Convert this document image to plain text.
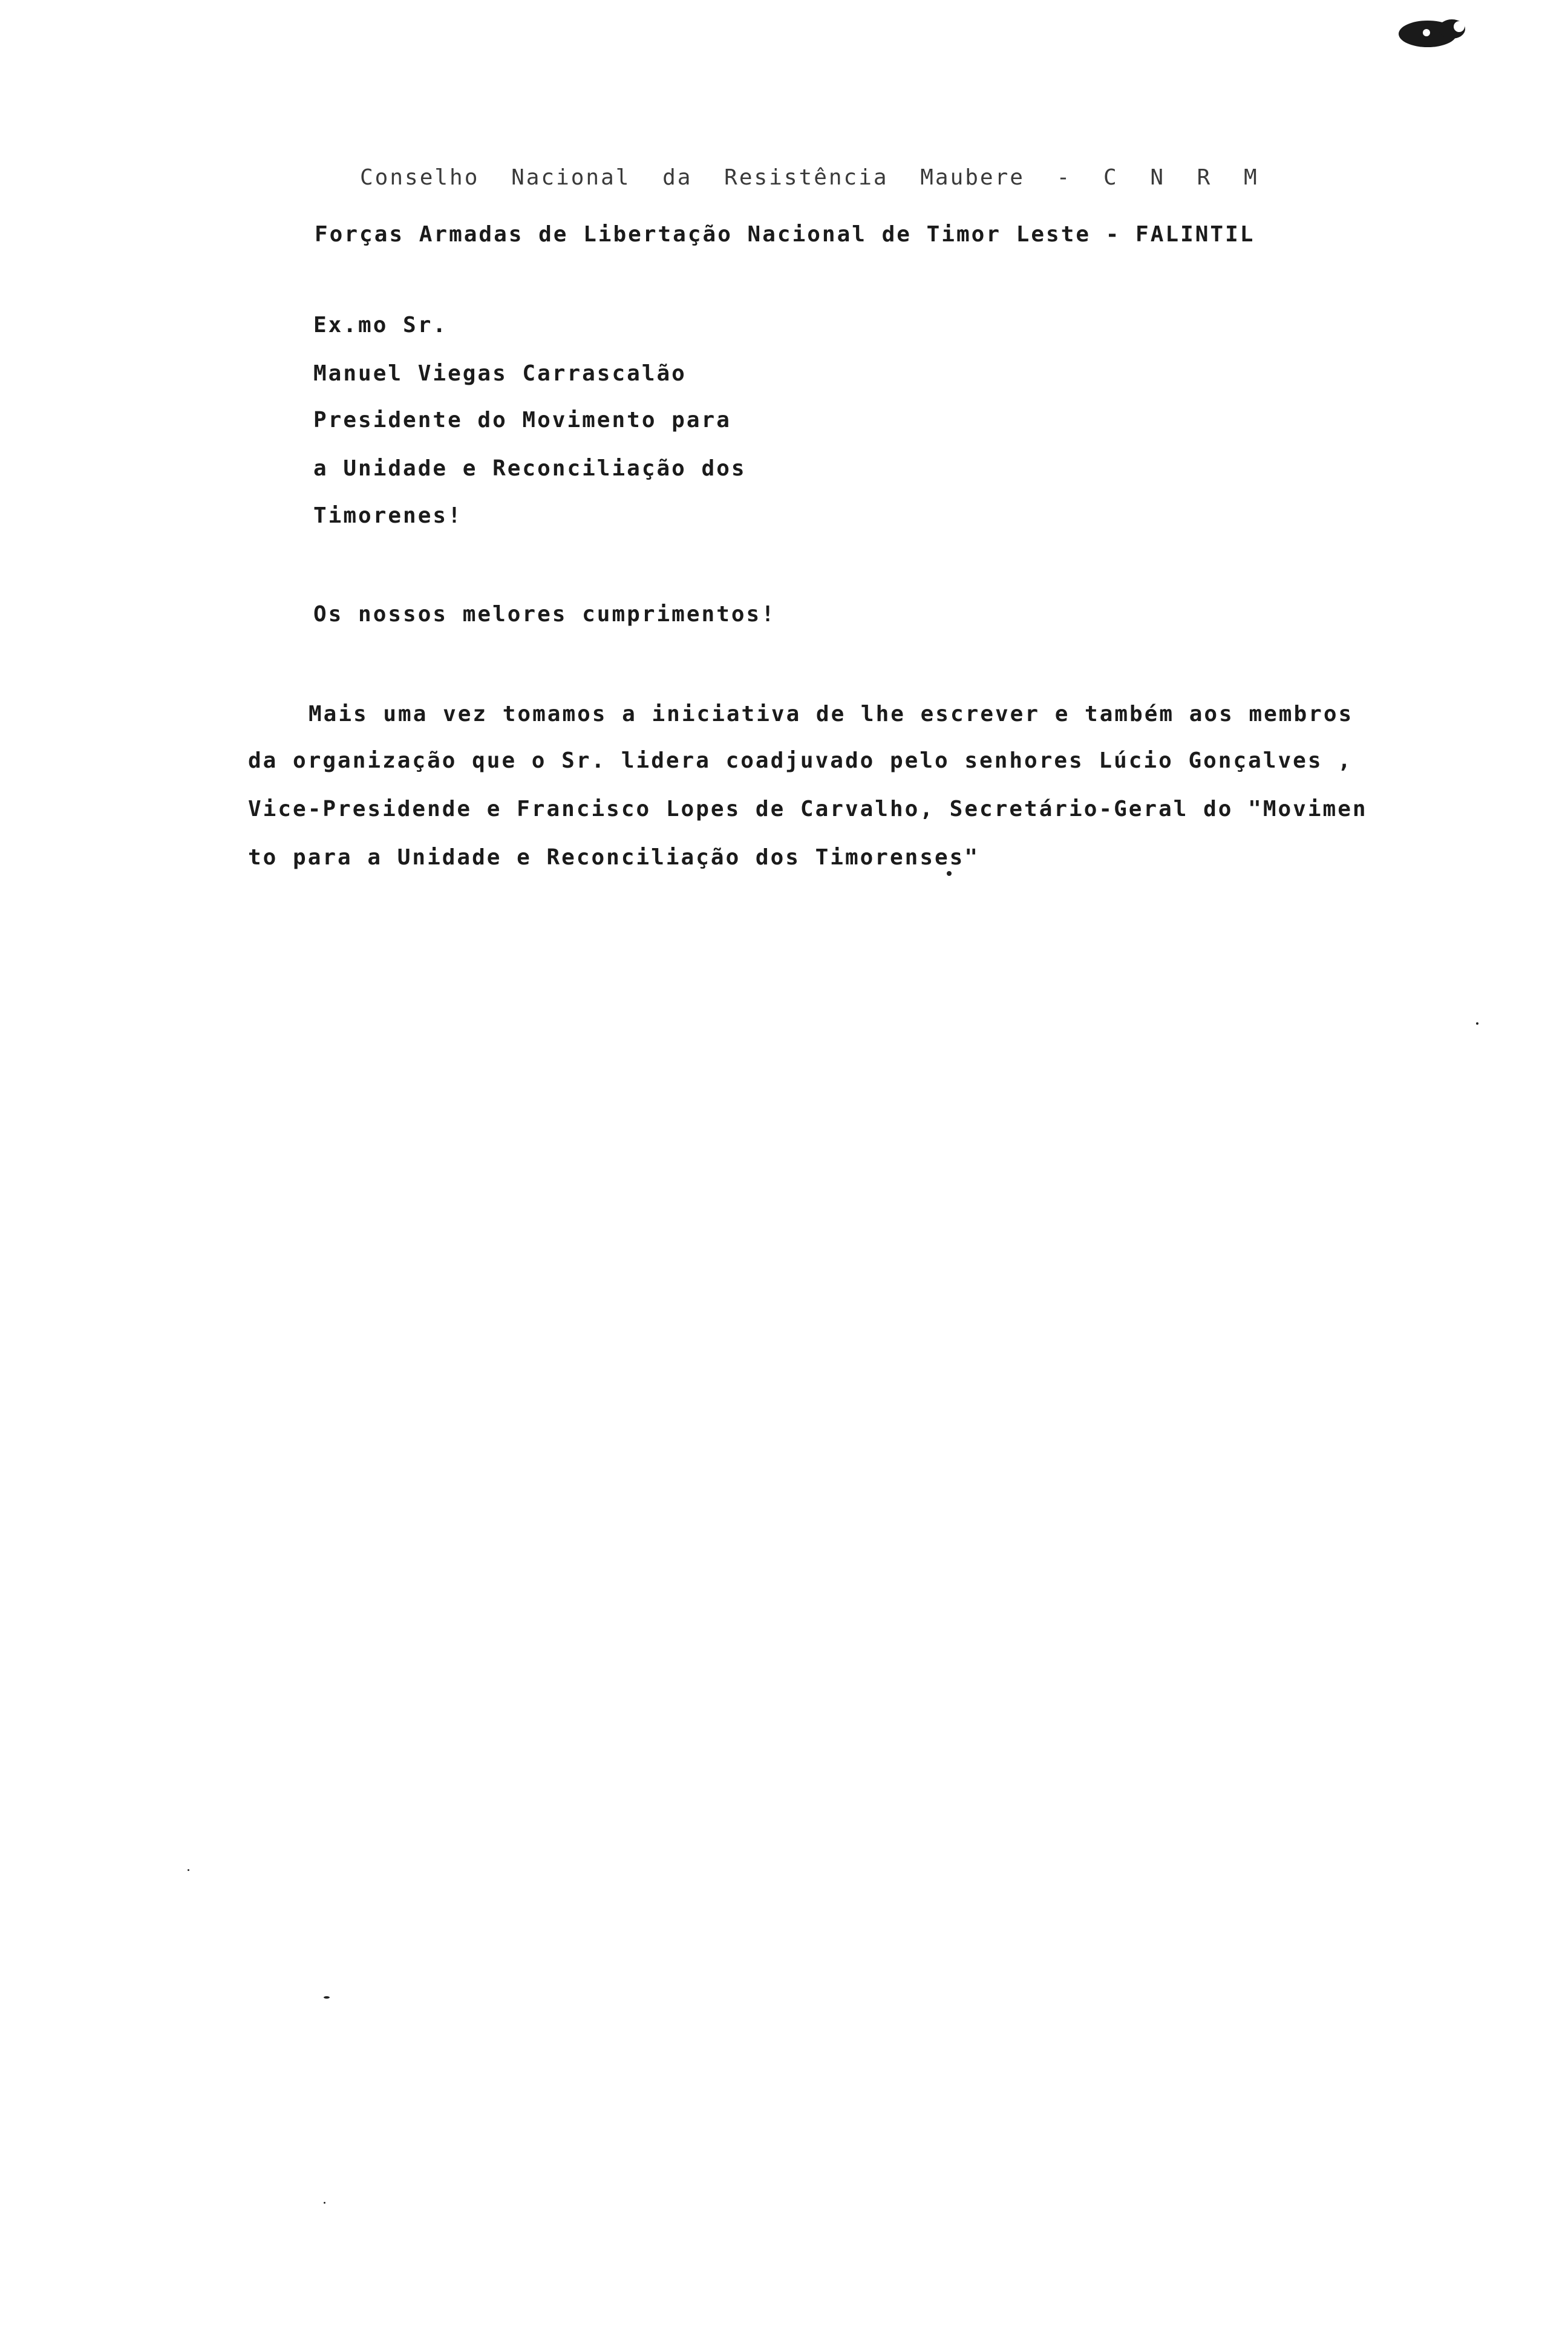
Conselho Nacional da Resistência Maubere - C N R M
Forças Armadas de Libertação Nacional de Timor Leste - FALINTIL
Ex.mo Sr.
Manuel Viegas Carrascalão
Presidente do Movimento para
a Unidade e Reconciliação dos
Timorenes!
Os nossos melores cumprimentos!
Mais uma vez tomamos a iniciativa de lhe escrever e também aos membros
da organização que o Sr. lidera coadjuvado pelo senhores Lúcio Gonçalves ,
Vice-Presidende e Francisco Lopes de Carvalho, Secretário-Geral do "Movimen
to para a Unidade e Reconciliação dos Timorenses"
